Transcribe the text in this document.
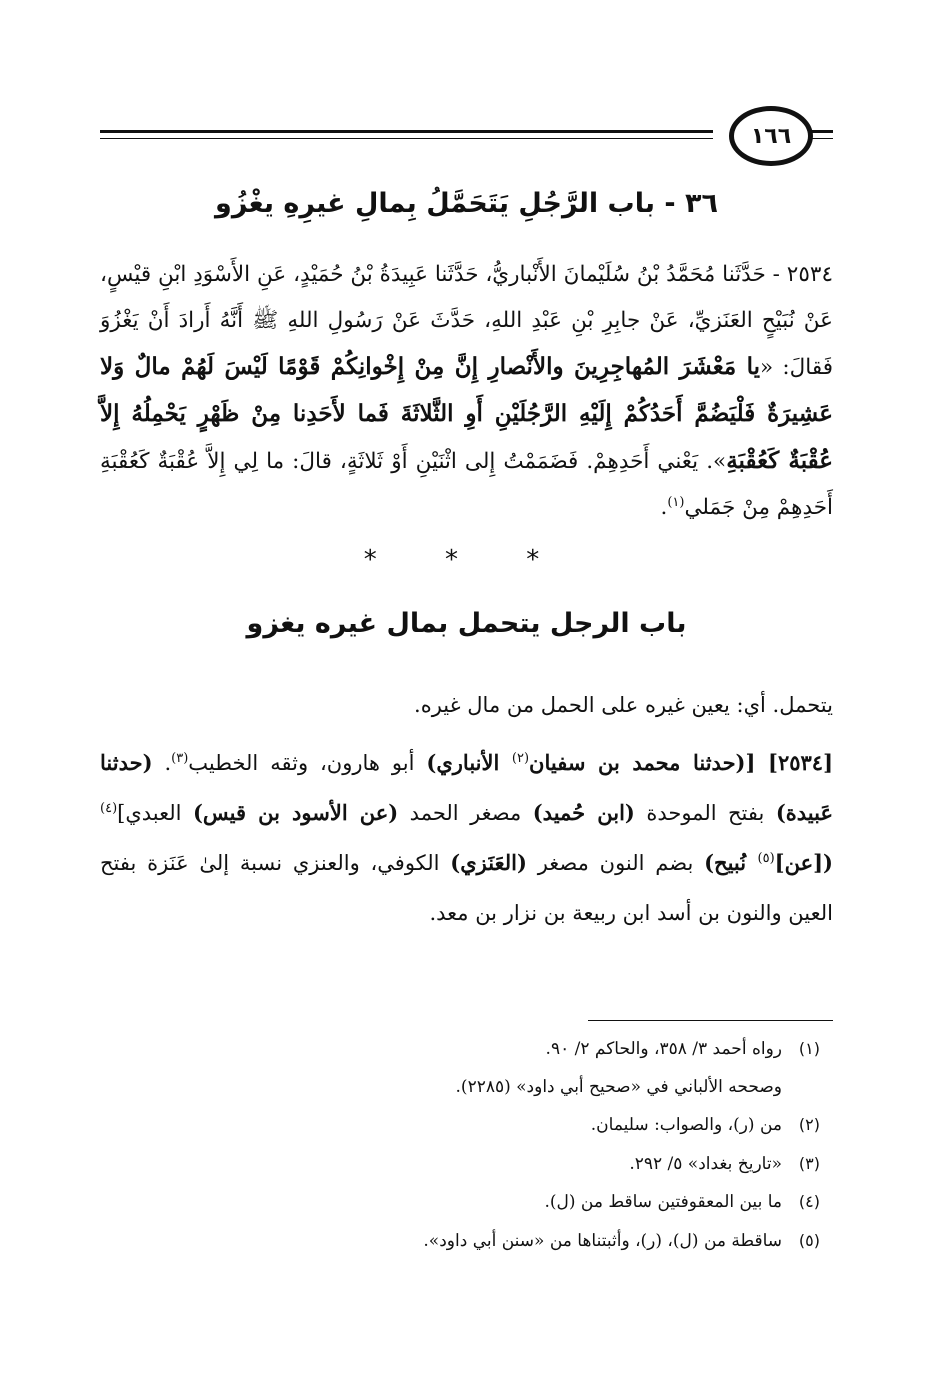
١٦٦
٣٦ - باب الرَّجُلِ يَتَحَمَّلُ بِمالِ غيرِهِ يغْزُو
٢٥٣٤ - حَدَّثَنا مُحَمَّدُ بْنُ سُلَيْمانَ الأَنْباريُّ، حَدَّثَنا عَبِيدَةُ بْنُ حُمَيْدٍ، عَنِ الأَسْوَدِ ابْنِ قيْسٍ، عَنْ نُبَيْحٍ العَنَزيِّ، عَنْ جابِرِ بْنِ عَبْدِ اللهِ، حَدَّثَ عَنْ رَسُولِ اللهِ ﷺ أَنَّهُ أَرادَ أَنْ يَغْزُوَ فَقالَ: «يا مَعْشَرَ المُهاجِرِينَ والأَنْصارِ إِنَّ مِنْ إِخْوانِكُمْ قَوْمًا لَيْسَ لَهُمْ مالٌ وَلا عَشِيرَةٌ فَلْيَضُمَّ أَحَدُكُمْ إِلَيْهِ الرَّجُلَيْنِ أَوِ الثَّلاثَةَ فَما لأَحَدِنا مِنْ ظَهْرٍ يَحْمِلُهُ إِلاَّ عُقْبَةٌ كَعُقْبَةِ». يَعْني أَحَدِهِمْ. فَضَمَمْتُ إِلى اثْنَيْنِ أَوْ ثَلاثَةٍ، قالَ: ما لِي إِلاَّ عُقْبَةٌ كَعُقْبَةِ أَحَدِهِمْ مِنْ جَمَلي$^{(١)}$.
* * *
باب الرجل يتحمل بمال غيره يغزو

يتحمل. أي: يعين غيره على الحمل من مال غيره.

[٢٥٣٤] [(حدثنا محمد بن سفيان$^{(٢)}$ الأنباري) أبو هارون، وثقه الخطيب$^{(٣)}$. (حدثنا عَبيدة) بفتح الموحدة (ابن حُميد) مصغر الحمد (عن الأسود بن قيس) العبدي]$^{(٤)}$ ([عن]$^{(٥)}$ نُبيح) بضم النون مصغر (العَنَزي) الكوفي، والعنزي نسبة إلىٰ عَنَزة بفتح العين والنون بن أسد ابن ربيعة بن نزار بن معد.

(١)رواه أحمد ٣/ ٣٥٨، والحاكم ٢/ ٩٠.

وصححه الألباني في «صحيح أبي داود» (٢٢٨٥).

(٢)من (ر)، والصواب: سليمان.

(٣)«تاريخ بغداد» ٥/ ٢٩٢.

(٤)ما بين المعقوفتين ساقط من (ل).

(٥)ساقطة من (ل)، (ر)، وأثبتناها من «سنن أبي داود».
